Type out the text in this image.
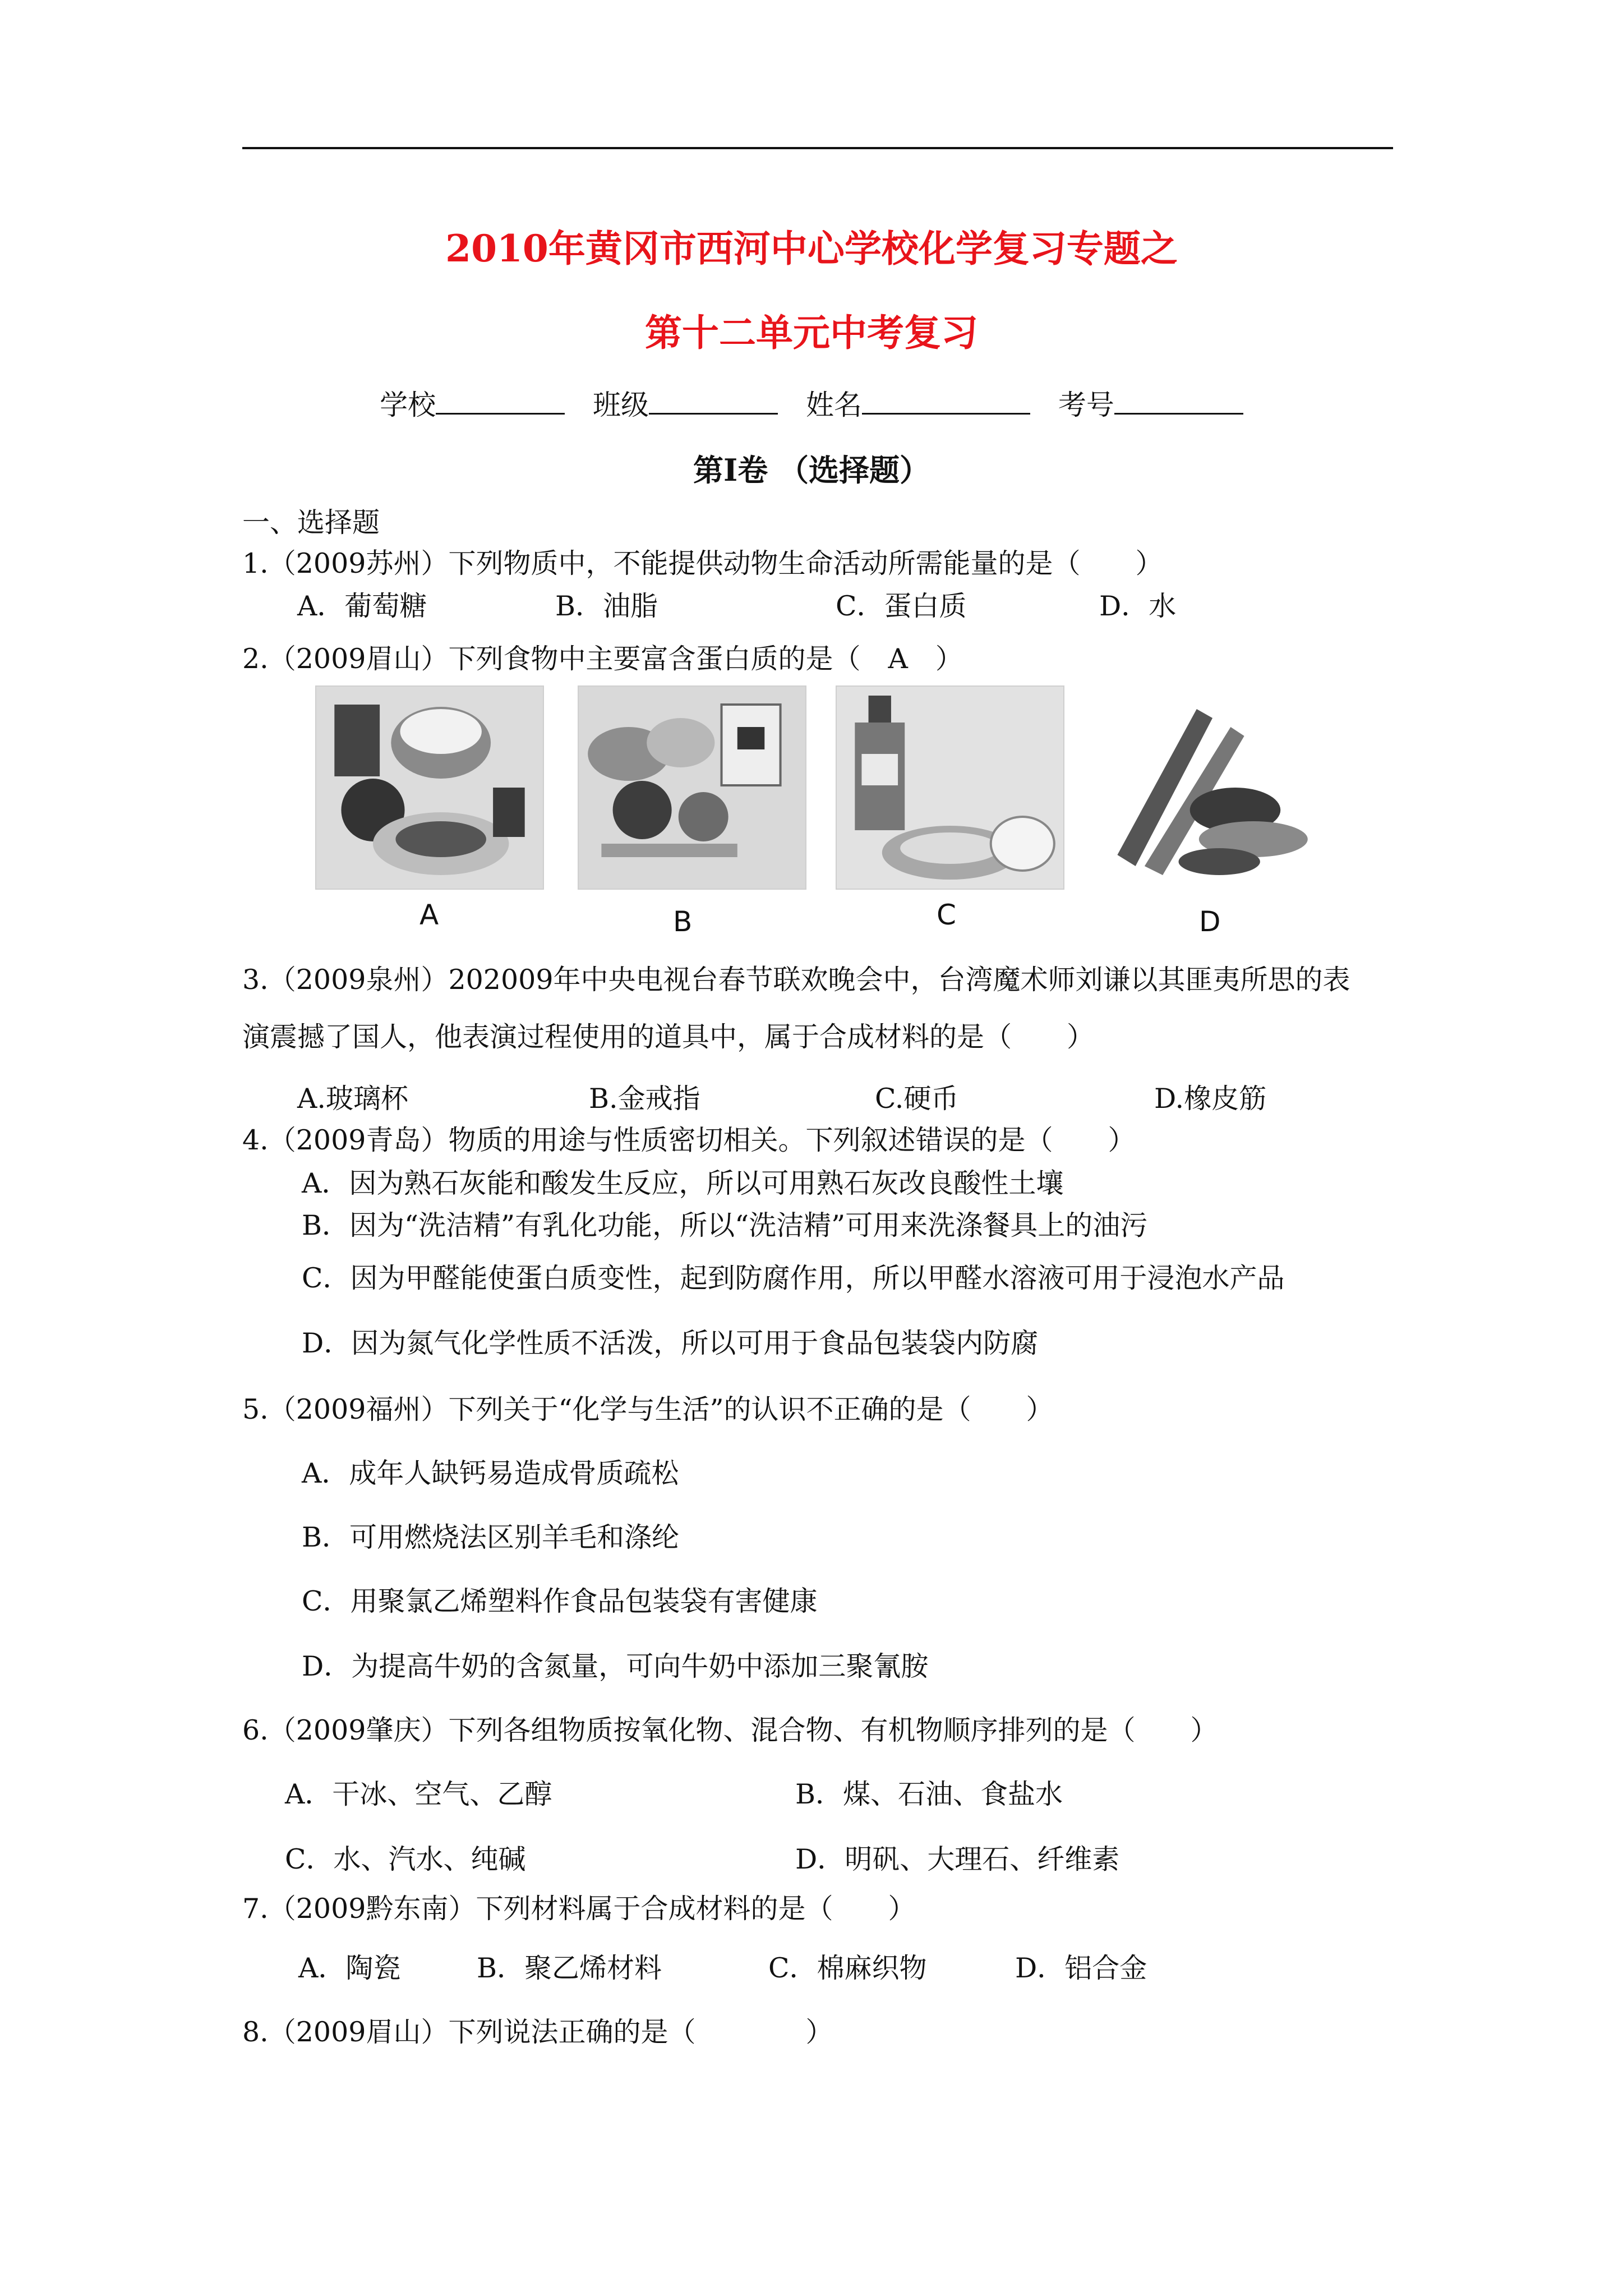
2010年黄冈市西河中心学校化学复习专题之
第十二单元中考复习
学校	班级	姓名	考号
第Ⅰ卷 （选择题）
一、选择题
1.（2009苏州）下列物质中，不能提供动物生命活动所需能量的是（　　）
A．葡萄糖	B．油脂	C．蛋白质	D．水
2.（2009眉山）下列食物中主要富含蛋白质的是（　A　）
A	B	C	D
3.（2009泉州）202009年中央电视台春节联欢晚会中，台湾魔术师刘谦以其匪夷所思的表
演震撼了国人，他表演过程使用的道具中，属于合成材料的是（　　）
A.玻璃杯	B.金戒指	C.硬币	D.橡皮筋
4.（2009青岛）物质的用途与性质密切相关。下列叙述错误的是（　　）
A．因为熟石灰能和酸发生反应，所以可用熟石灰改良酸性土壤
B．因为“洗洁精”有乳化功能，所以“洗洁精”可用来洗涤餐具上的油污
C．因为甲醛能使蛋白质变性，起到防腐作用，所以甲醛水溶液可用于浸泡水产品
D．因为氮气化学性质不活泼，所以可用于食品包装袋内防腐
5.（2009福州）下列关于“化学与生活”的认识不正确的是（　　）
A．成年人缺钙易造成骨质疏松
B．可用燃烧法区别羊毛和涤纶
C．用聚氯乙烯塑料作食品包装袋有害健康
D．为提高牛奶的含氮量，可向牛奶中添加三聚氰胺
6.（2009肇庆）下列各组物质按氧化物、混合物、有机物顺序排列的是（　　）
A．干冰、空气、乙醇	B．煤、石油、食盐水
C．水、汽水、纯碱	D．明矾、大理石、纤维素
7.（2009黔东南）下列材料属于合成材料的是（　　）
A．陶瓷	B．聚乙烯材料	C．棉麻织物	D．铝合金
8.（2009眉山）下列说法正确的是（　　　　）
